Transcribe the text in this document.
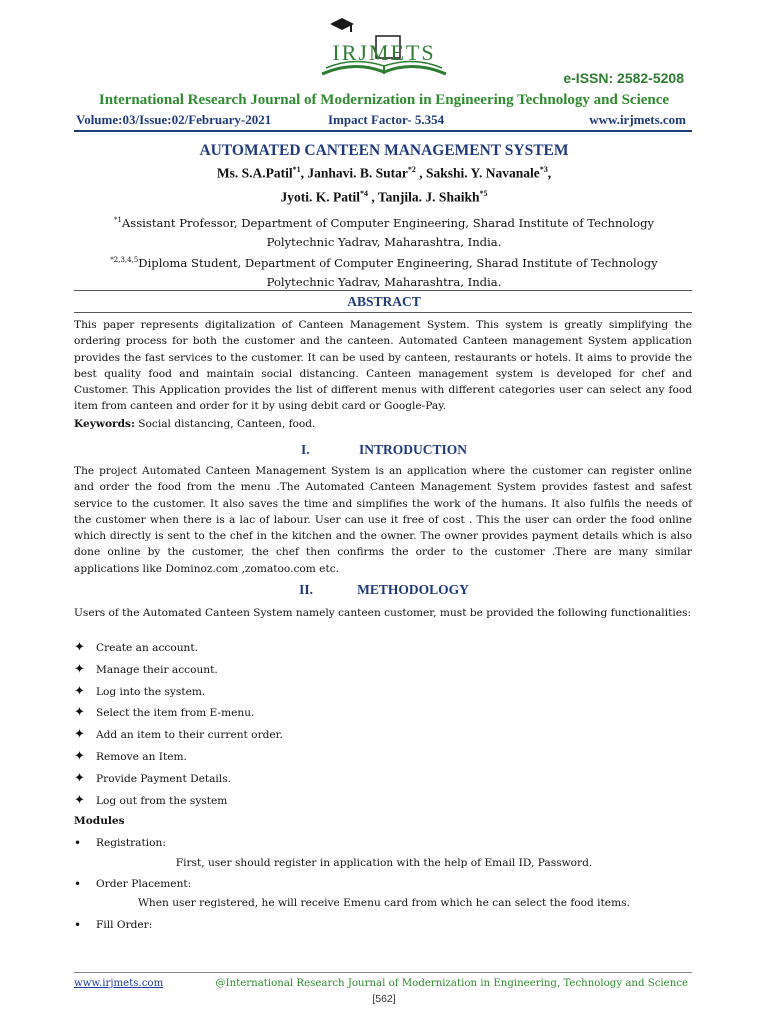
IRJMETS
e-ISSN: 2582-5208
International Research Journal of Modernization in Engineering Technology and Science
Volume:03/Issue:02/February-2021	Impact Factor- 5.354	www.irjmets.com
AUTOMATED CANTEEN MANAGEMENT SYSTEM
Ms. S.A.Patil$^{*1}$, Janhavi. B. Sutar$^{*2}$ , Sakshi. Y. Navanale$^{*3}$,
Jyoti. K. Patil$^{*4}$ , Tanjila. J. Shaikh$^{*5}$
$^{*1}$Assistant Professor, Department of Computer Engineering, Sharad Institute of Technology
Polytechnic Yadrav, Maharashtra, India.
$^{*2,3,4,5}$Diploma Student, Department of Computer Engineering, Sharad Institute of Technology
Polytechnic Yadrav, Maharashtra, India.
ABSTRACT
This paper represents digitalization of Canteen Management System. This system is greatly simplifying the ordering process for both the customer and the canteen. Automated Canteen management System application provides the fast services to the customer. It can be used by canteen, restaurants or hotels. It aims to provide the best quality food and maintain social distancing. Canteen management system is developed for chef and Customer. This Application provides the list of different menus with different categories user can select any food item from canteen and order for it by using debit card or Google-Pay.
Keywords: Social distancing, Canteen, food.
I.	INTRODUCTION
The project Automated Canteen Management System is an application where the customer can register online and order the food from the menu .The Automated Canteen Management System provides fastest and safest service to the customer. It also saves the time and simplifies the work of the humans. It also fulfils the needs of the customer when there is a lac of labour. User can use it free of cost . This the user can order the food online which directly is sent to the chef in the kitchen and the owner. The owner provides payment details which is also done online by the customer, the chef then confirms the order to the customer .There are many similar applications like Dominoz.com ,zomatoo.com etc.
II.	METHODOLOGY
Users of the Automated Canteen System namely canteen customer, must be provided the following functionalities:
✦ Create an account.
✦ Manage their account.
✦ Log into the system.
✦ Select the item from E-menu.
✦ Add an item to their current order.
✦ Remove an Item.
✦ Provide Payment Details.
✦ Log out from the system
Modules
• Registration:
First, user should register in application with the help of Email ID, Password.
• Order Placement:
When user registered, he will receive Emenu card from which he can select the food items.
• Fill Order:
www.irjmets.com	@International Research Journal of Modernization in Engineering, Technology and Science
[562]
